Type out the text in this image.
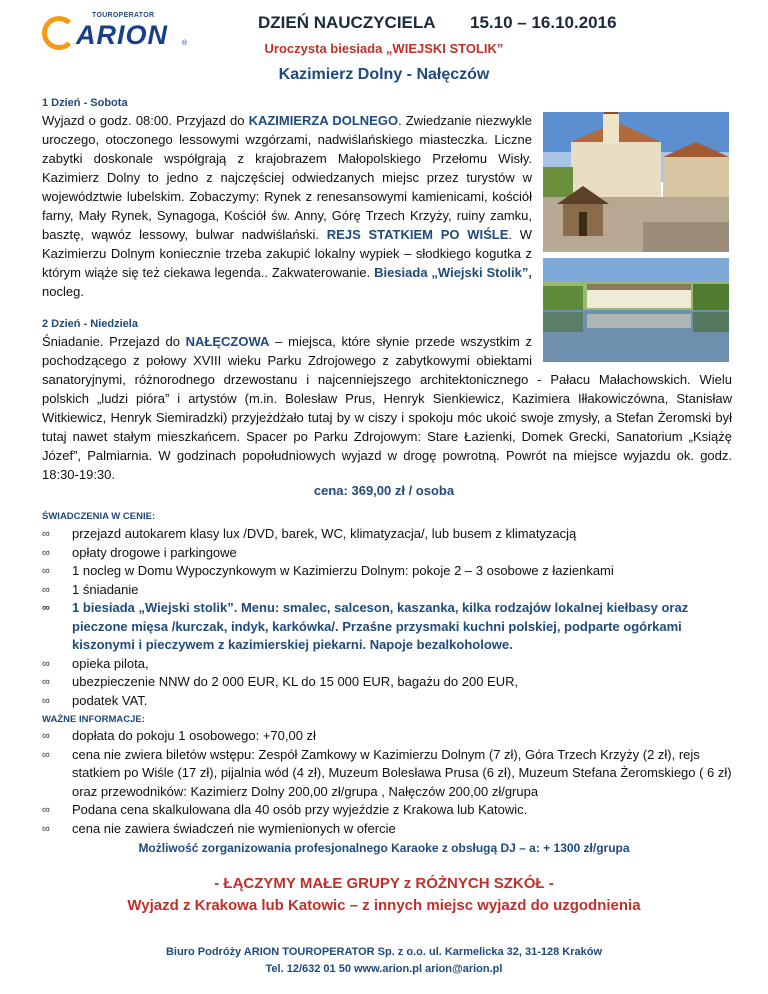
TOUROPERATOR
ARION ®
DZIEŃ NAUCZYCIELA 15.10 – 16.10.2016
Uroczysta biesiada „WIEJSKI STOLIK”
Kazimierz Dolny - Nałęczów
1 Dzień - Sobota
Wyjazd o godz. 08:00. Przyjazd do KAZIMIERZA DOLNEGO. Zwiedzanie niezwykle uroczego, otoczonego lessowymi wzgórzami, nadwiślańskiego miasteczka. Liczne zabytki doskonale współgrają z krajobrazem Małopolskiego Przełomu Wisły. Kazimierz Dolny to jedno z najczęściej odwiedzanych miejsc przez turystów w województwie lubelskim. Zobaczymy: Rynek z renesansowymi kamienicami, kościół farny, Mały Rynek, Synagoga, Kościół św. Anny, Górę Trzech Krzyży, ruiny zamku, basztę, wąwóz lessowy, bulwar nadwiślański. REJS STATKIEM PO WIŚLE. W Kazimierzu Dolnym koniecznie trzeba zakupić lokalny wypiek – słodkiego kogutka z którym wiąże się też ciekawa legenda.. Zakwaterowanie. Biesiada „Wiejski Stolik”, nocleg.
2 Dzień - Niedziela
Śniadanie. Przejazd do NAŁĘCZOWA – miejsca, które słynie przede wszystkim z pochodzącego z połowy XVIII wieku Parku Zdrojowego z zabytkowymi obiektami sanatoryjnymi, różnorodnego drzewostanu i najcenniejszego architektonicznego - Pałacu Małachowskich. Wielu polskich „ludzi pióra” i artystów (m.in. Bolesław Prus, Henryk Sienkiewicz, Kazimiera Iłłakowiczówna, Stanisław Witkiewicz, Henryk Siemiradzki) przyjeżdżało tutaj by w ciszy i spokoju móc ukoić swoje zmysły, a Stefan Żeromski był tutaj nawet stałym mieszkańcem. Spacer po Parku Zdrojowym: Stare Łazienki, Domek Grecki, Sanatorium „Książę Józef”, Palmiarnia. W godzinach popołudniowych wyjazd w drogę powrotną. Powrót na miejsce wyjazdu ok. godz. 18:30-19:30.
cena: 369,00 zł / osoba
ŚWIADCZENIA W CENIE:
∞ przejazd autokarem klasy lux /DVD, barek, WC, klimatyzacja/, lub busem z klimatyzacją
∞ opłaty drogowe i parkingowe
∞ 1 nocleg w Domu Wypoczynkowym w Kazimierzu Dolnym: pokoje 2 – 3 osobowe z łazienkami
∞ 1 śniadanie
∞ 1 biesiada „Wiejski stolik”. Menu: smalec, salceson, kaszanka, kilka rodzajów lokalnej kiełbasy oraz pieczone mięsa /kurczak, indyk, karkówka/. Przaśne przysmaki kuchni polskiej, podparte ogórkami kiszonymi i pieczywem z kazimierskiej piekarni. Napoje bezalkoholowe.
∞ opieka pilota,
∞ ubezpieczenie NNW do 2 000 EUR, KL do 15 000 EUR, bagażu do 200 EUR,
∞ podatek VAT.
WAŻNE INFORMACJE:
∞ dopłata do pokoju 1 osobowego: +70,00 zł
∞ cena nie zwiera biletów wstępu: Zespół Zamkowy w Kazimierzu Dolnym (7 zł), Góra Trzech Krzyży (2 zł), rejs statkiem po Wiśle (17 zł), pijalnia wód (4 zł), Muzeum Bolesława Prusa (6 zł), Muzeum Stefana Żeromskiego ( 6 zł) oraz przewodników: Kazimierz Dolny 200,00 zł/grupa , Nałęczów 200,00 zł/grupa
∞ Podana cena skalkulowana dla 40 osób przy wyjeździe z Krakowa lub Katowic.
∞ cena nie zawiera świadczeń nie wymienionych w ofercie
Możliwość zorganizowania profesjonalnego Karaoke z obsługą DJ – a: + 1300 zł/grupa
- ŁĄCZYMY MAŁE GRUPY z RÓŻNYCH SZKÓŁ -
Wyjazd z Krakowa lub Katowic – z innych miejsc wyjazd do uzgodnienia
Biuro Podróży ARION TOUROPERATOR Sp. z o.o. ul. Karmelicka 32, 31-128 Kraków
Tel. 12/632 01 50 www.arion.pl arion@arion.pl
